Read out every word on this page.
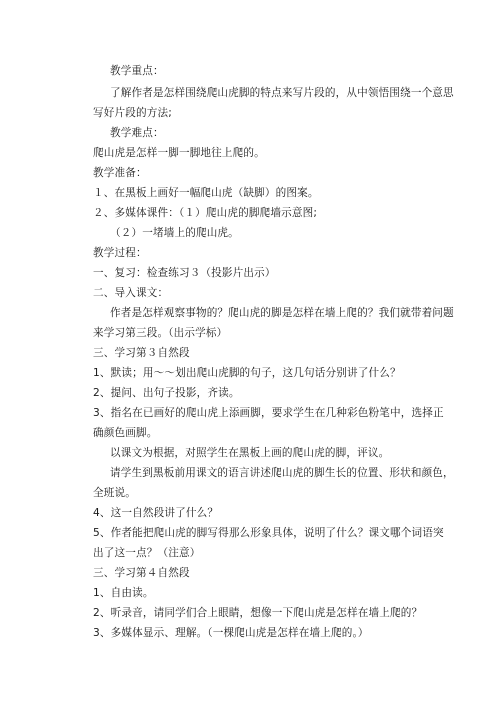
教学重点：
了解作者是怎样围绕爬山虎脚的特点来写片段的，从中领悟围绕一个意思
写好片段的方法;
教学难点：
爬山虎是怎样一脚一脚地往上爬的。
教学准备：
１、在黑板上画好一幅爬山虎（缺脚）的图案。
２、多媒体课件：（１）爬山虎的脚爬墙示意图;
（２）一堵墙上的爬山虎。
教学过程：
一、复习：检查练习３（投影片出示）
二、导入课文：
作者是怎样观察事物的？爬山虎的脚是怎样在墙上爬的？我们就带着问题
来学习第三段。（出示学标）
三、学习第３自然段
1、默读；用～～划出爬山虎脚的句子，这几句话分别讲了什么？
2、提问、出句子投影，齐读。
3、指名在已画好的爬山虎上添画脚，要求学生在几种彩色粉笔中，选择正
确颜色画脚。
以课文为根据，对照学生在黑板上画的爬山虎的脚，评议。
请学生到黑板前用课文的语言讲述爬山虎的脚生长的位置、形状和颜色，
全班说。
4、这一自然段讲了什么？
5、作者能把爬山虎的脚写得那么形象具体，说明了什么？课文哪个词语突
出了这一点？（注意）
三、学习第４自然段
1、自由读。
2、听录音，请同学们合上眼睛，想像一下爬山虎是怎样在墙上爬的？
3、多媒体显示、理解。（一棵爬山虎是怎样在墙上爬的。）
